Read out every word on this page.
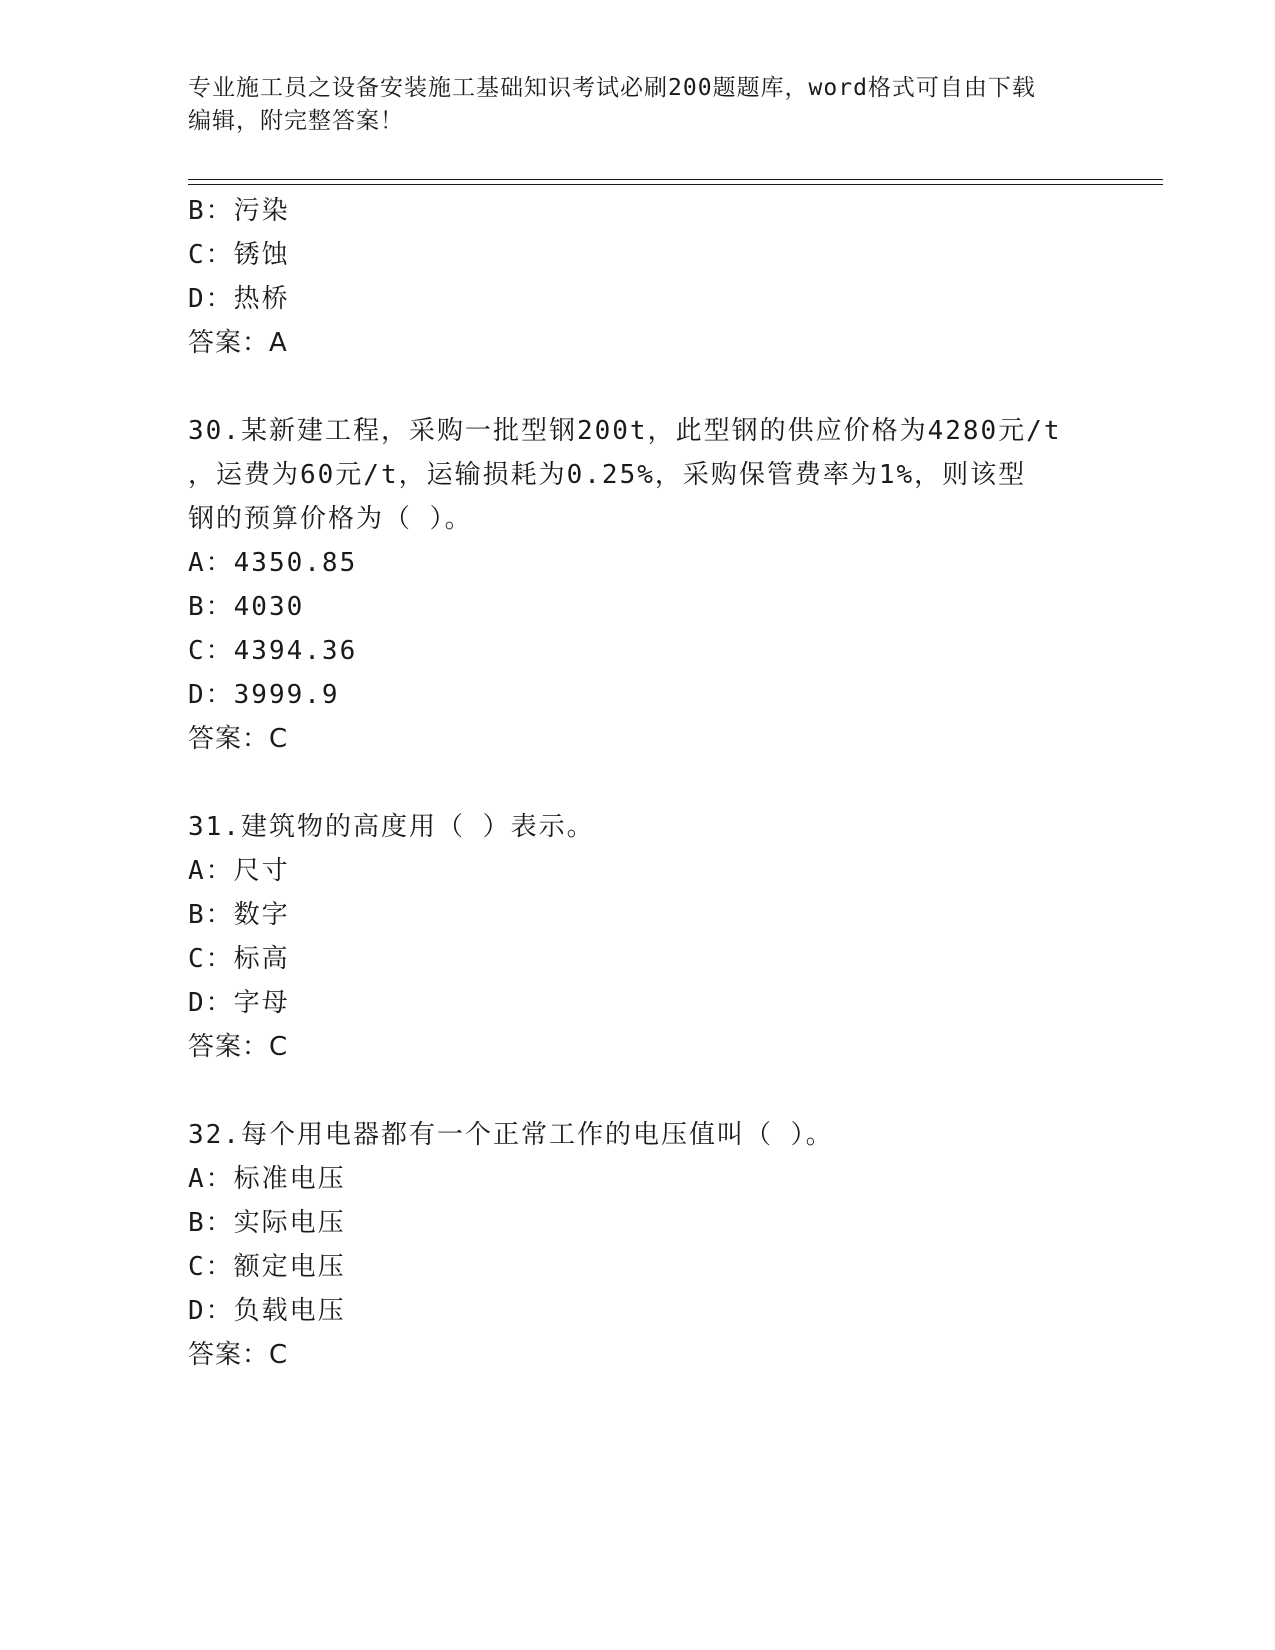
专业施工员之设备安装施工基础知识考试必刷200题题库，word格式可自由下载
编辑，附完整答案！
B：污染
C：锈蚀
D：热桥
答案：A
30.某新建工程，采购一批型钢200t，此型钢的供应价格为4280元/t
，运费为60元/t，运输损耗为0.25%，采购保管费率为1%，则该型
钢的预算价格为（ ）。
A：4350.85
B：4030
C：4394.36
D：3999.9
答案：C
31.建筑物的高度用（ ）表示。
A：尺寸
B：数字
C：标高
D：字母
答案：C
32.每个用电器都有一个正常工作的电压值叫（ ）。
A：标准电压
B：实际电压
C：额定电压
D：负载电压
答案：C
